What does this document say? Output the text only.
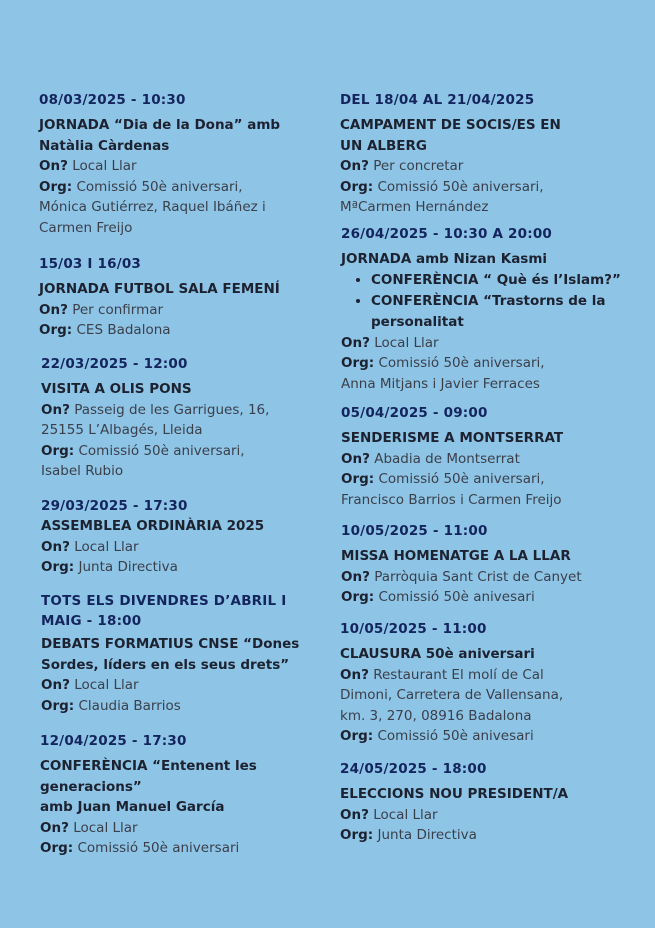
08/03/2025 - 10:30
JORNADA “Dia de la Dona” amb
Natàlia Càrdenas
On? Local Llar
Org: Comissió 50è aniversari,
Mónica Gutiérrez, Raquel Ibáñez i
Carmen Freijo
15/03 I 16/03
JORNADA FUTBOL SALA FEMENÍ
On? Per confirmar
Org: CES Badalona
22/03/2025 - 12:00
VISITA A OLIS PONS
On? Passeig de les Garrigues, 16,
25155 L’Albagés, Lleida
Org: Comissió 50è aniversari,
Isabel Rubio
29/03/2025 - 17:30
ASSEMBLEA ORDINÀRIA 2025
On? Local Llar
Org: Junta Directiva
TOTS ELS DIVENDRES D’ABRIL I
MAIG - 18:00
DEBATS FORMATIUS CNSE “Dones
Sordes, líders en els seus drets”
On? Local Llar
Org: Claudia Barrios
12/04/2025 - 17:30
CONFERÈNCIA “Entenent les
generacions”
amb Juan Manuel García
On? Local Llar
Org: Comissió 50è aniversari
DEL 18/04 AL 21/04/2025
CAMPAMENT DE SOCIS/ES EN
UN ALBERG
On? Per concretar
Org: Comissió 50è aniversari,
MªCarmen Hernández
26/04/2025 - 10:30 A 20:00
JORNADA amb Nizan Kasmi
• CONFERÈNCIA “ Què és l’Islam?”
• CONFERÈNCIA “Trastorns de la
personalitat
On? Local Llar
Org: Comissió 50è aniversari,
Anna Mitjans i Javier Ferraces
05/04/2025 - 09:00
SENDERISME A MONTSERRAT
On? Abadia de Montserrat
Org: Comissió 50è aniversari,
Francisco Barrios i Carmen Freijo
10/05/2025 - 11:00
MISSA HOMENATGE A LA LLAR
On? Parròquia Sant Crist de Canyet
Org: Comissió 50è anivesari
10/05/2025 - 11:00
CLAUSURA 50è aniversari
On? Restaurant El molí de Cal
Dimoni, Carretera de Vallensana,
km. 3, 270, 08916 Badalona
Org: Comissió 50è anivesari
24/05/2025 - 18:00
ELECCIONS NOU PRESIDENT/A
On? Local Llar
Org: Junta Directiva
